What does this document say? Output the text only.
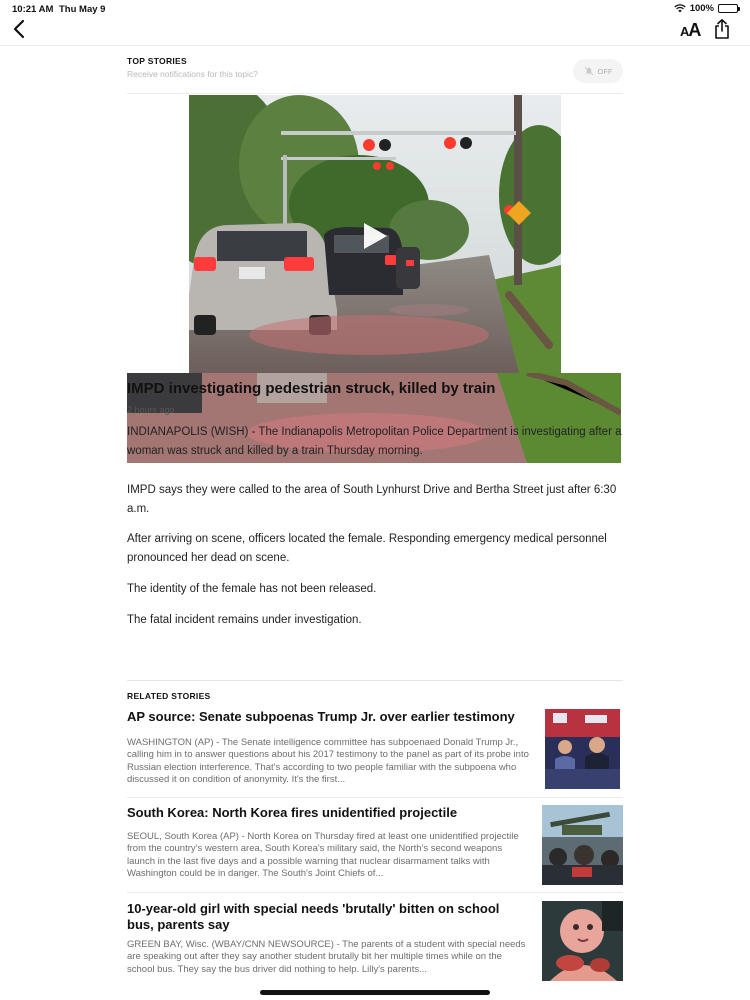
10:21 AM Thu May 9	100%
AA
TOP STORIES
Receive notifications for this topic?	OFF
IMPD investigating pedestrian struck, killed by train
2 hours ago
INDIANAPOLIS (WISH) - The Indianapolis Metropolitan Police Department is investigating after a woman was struck and killed by a train Thursday morning.
IMPD says they were called to the area of South Lynhurst Drive and Bertha Street just after 6:30 a.m.
After arriving on scene, officers located the female. Responding emergency medical personnel pronounced her dead on scene.
The identity of the female has not been released.
The fatal incident remains under investigation.
RELATED STORIES
AP source: Senate subpoenas Trump Jr. over earlier testimony
WASHINGTON (AP) - The Senate intelligence committee has subpoenaed Donald Trump Jr., calling him in to answer questions about his 2017 testimony to the panel as part of its probe into Russian election interference. That's according to two people familiar with the subpoena who discussed it on condition of anonymity. It's the first...
South Korea: North Korea fires unidentified projectile
SEOUL, South Korea (AP) - North Korea on Thursday fired at least one unidentified projectile from the country's western area, South Korea's military said, the North's second weapons launch in the last five days and a possible warning that nuclear disarmament talks with Washington could be in danger. The South's Joint Chiefs of...
10-year-old girl with special needs 'brutally' bitten on school bus, parents say
GREEN BAY, Wisc. (WBAY/CNN NEWSOURCE) - The parents of a student with special needs are speaking out after they say another student brutally bit her multiple times while on the school bus. They say the bus driver did nothing to help. Lilly's parents...
